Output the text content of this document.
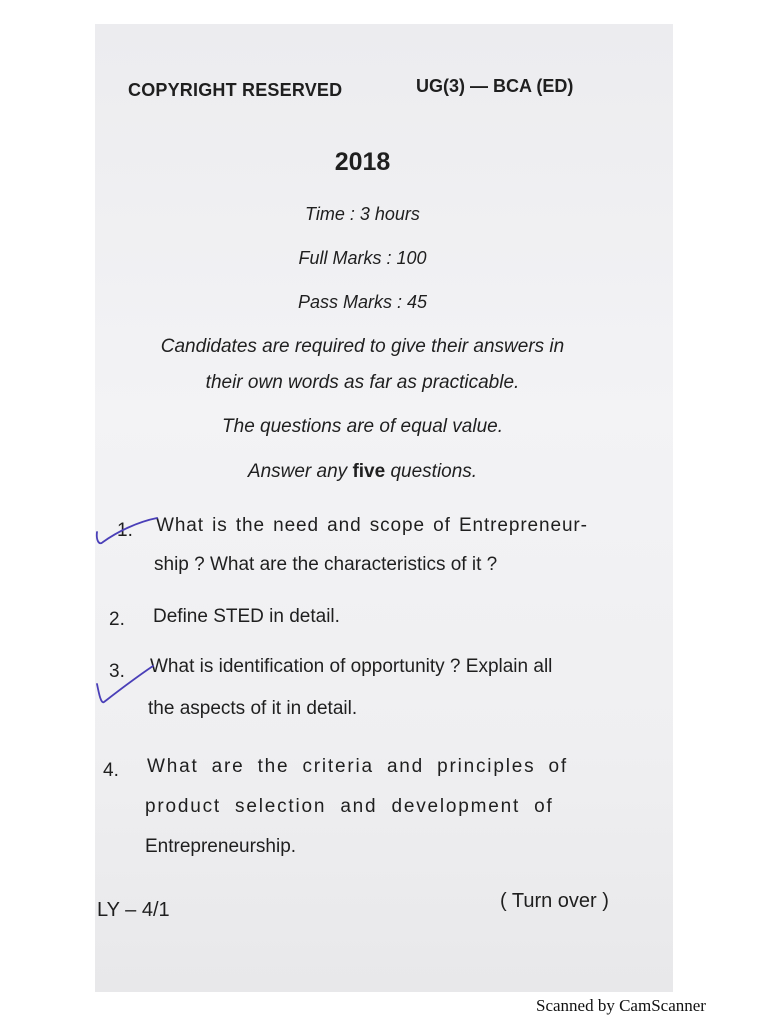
COPYRIGHT RESERVED	UG(3) — BCA (ED)
2018
Time : 3 hours
Full Marks : 100
Pass Marks : 45
Candidates are required to give their answers in
their own words as far as practicable.
The questions are of equal value.
Answer any five questions.
1. What is the need and scope of Entrepreneur-
ship ? What are the characteristics of it ?
2. Define STED in detail.
3. What is identification of opportunity ? Explain all
the aspects of it in detail.
4. What are the criteria and principles of
product selection and development of
Entrepreneurship.
LY – 4/1	( Turn over )
Scanned by CamScanner
